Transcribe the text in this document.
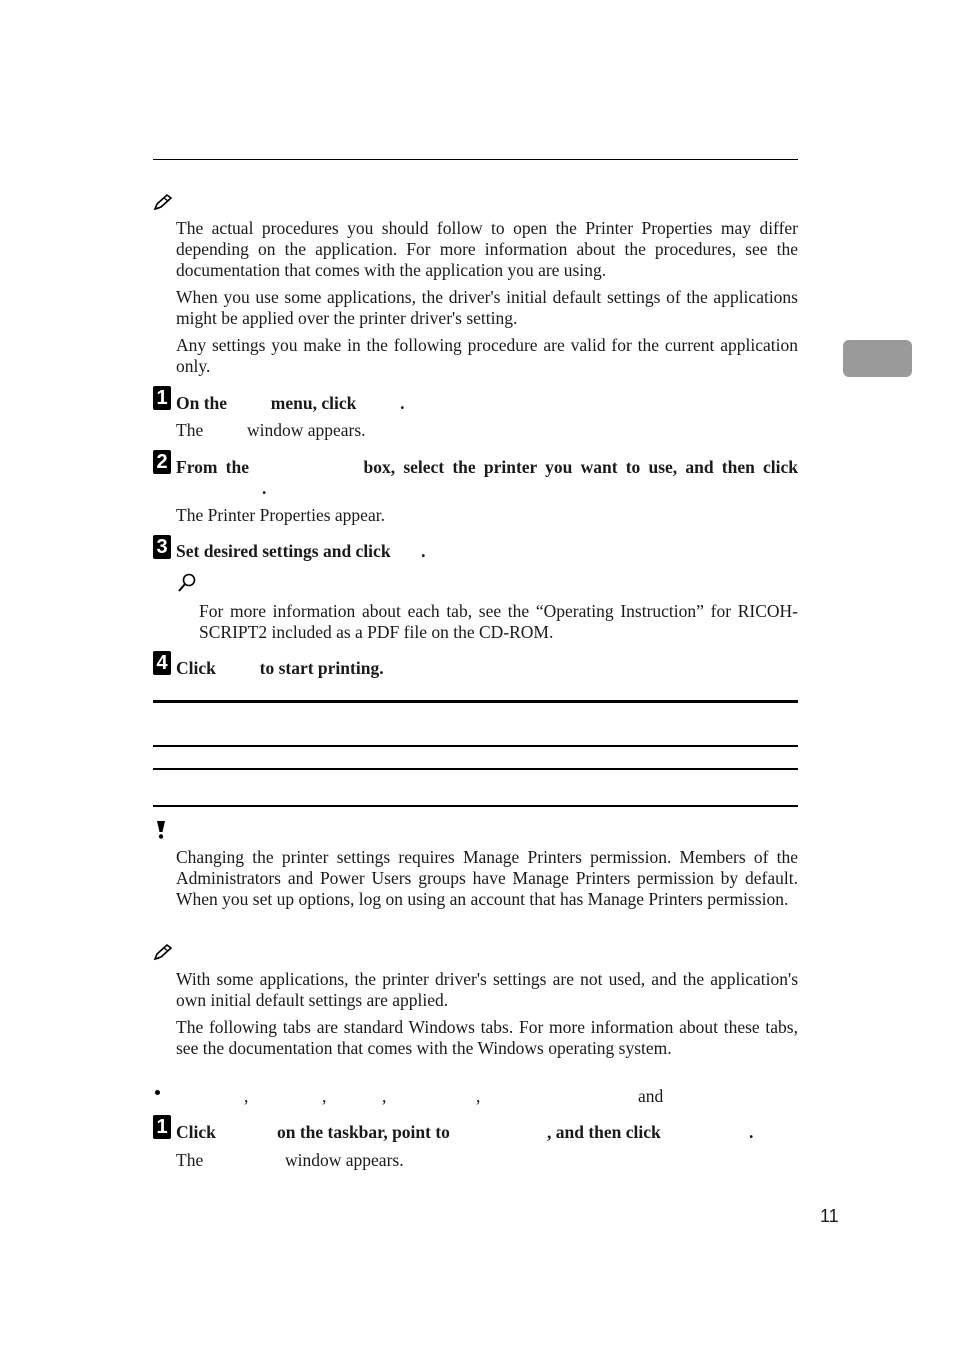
The actual procedures you should follow to open the Printer Properties may differ depending on the application. For more information about the procedures, see the documentation that comes with the application you are using.
When you use some applications, the driver's initial default settings of the applications might be applied over the printer driver's setting.
Any settings you make in the following procedure are valid for the current application only.
1 On the          menu, click          .
The          window appears.
2 From the              box, select the printer you want to use, and then click
.
The Printer Properties appear.
3 Set desired settings and click       .
For more information about each tab, see the “Operating Instruction” for RICOH-SCRIPT2 included as a PDF file on the CD-ROM.
4 Click          to start printing.
Changing the printer settings requires Manage Printers permission. Members of the Administrators and Power Users groups have Manage Printers permission by default. When you set up options, log on using an account that has Manage Printers permission.
With some applications, the printer driver's settings are not used, and the application's own initial default settings are applied.
The following tabs are standard Windows tabs. For more information about these tabs, see the documentation that comes with the Windows operating system.
,	,	,	,	and
1 Click	on the taskbar, point to	, and then click	.
The	window appears.
11
